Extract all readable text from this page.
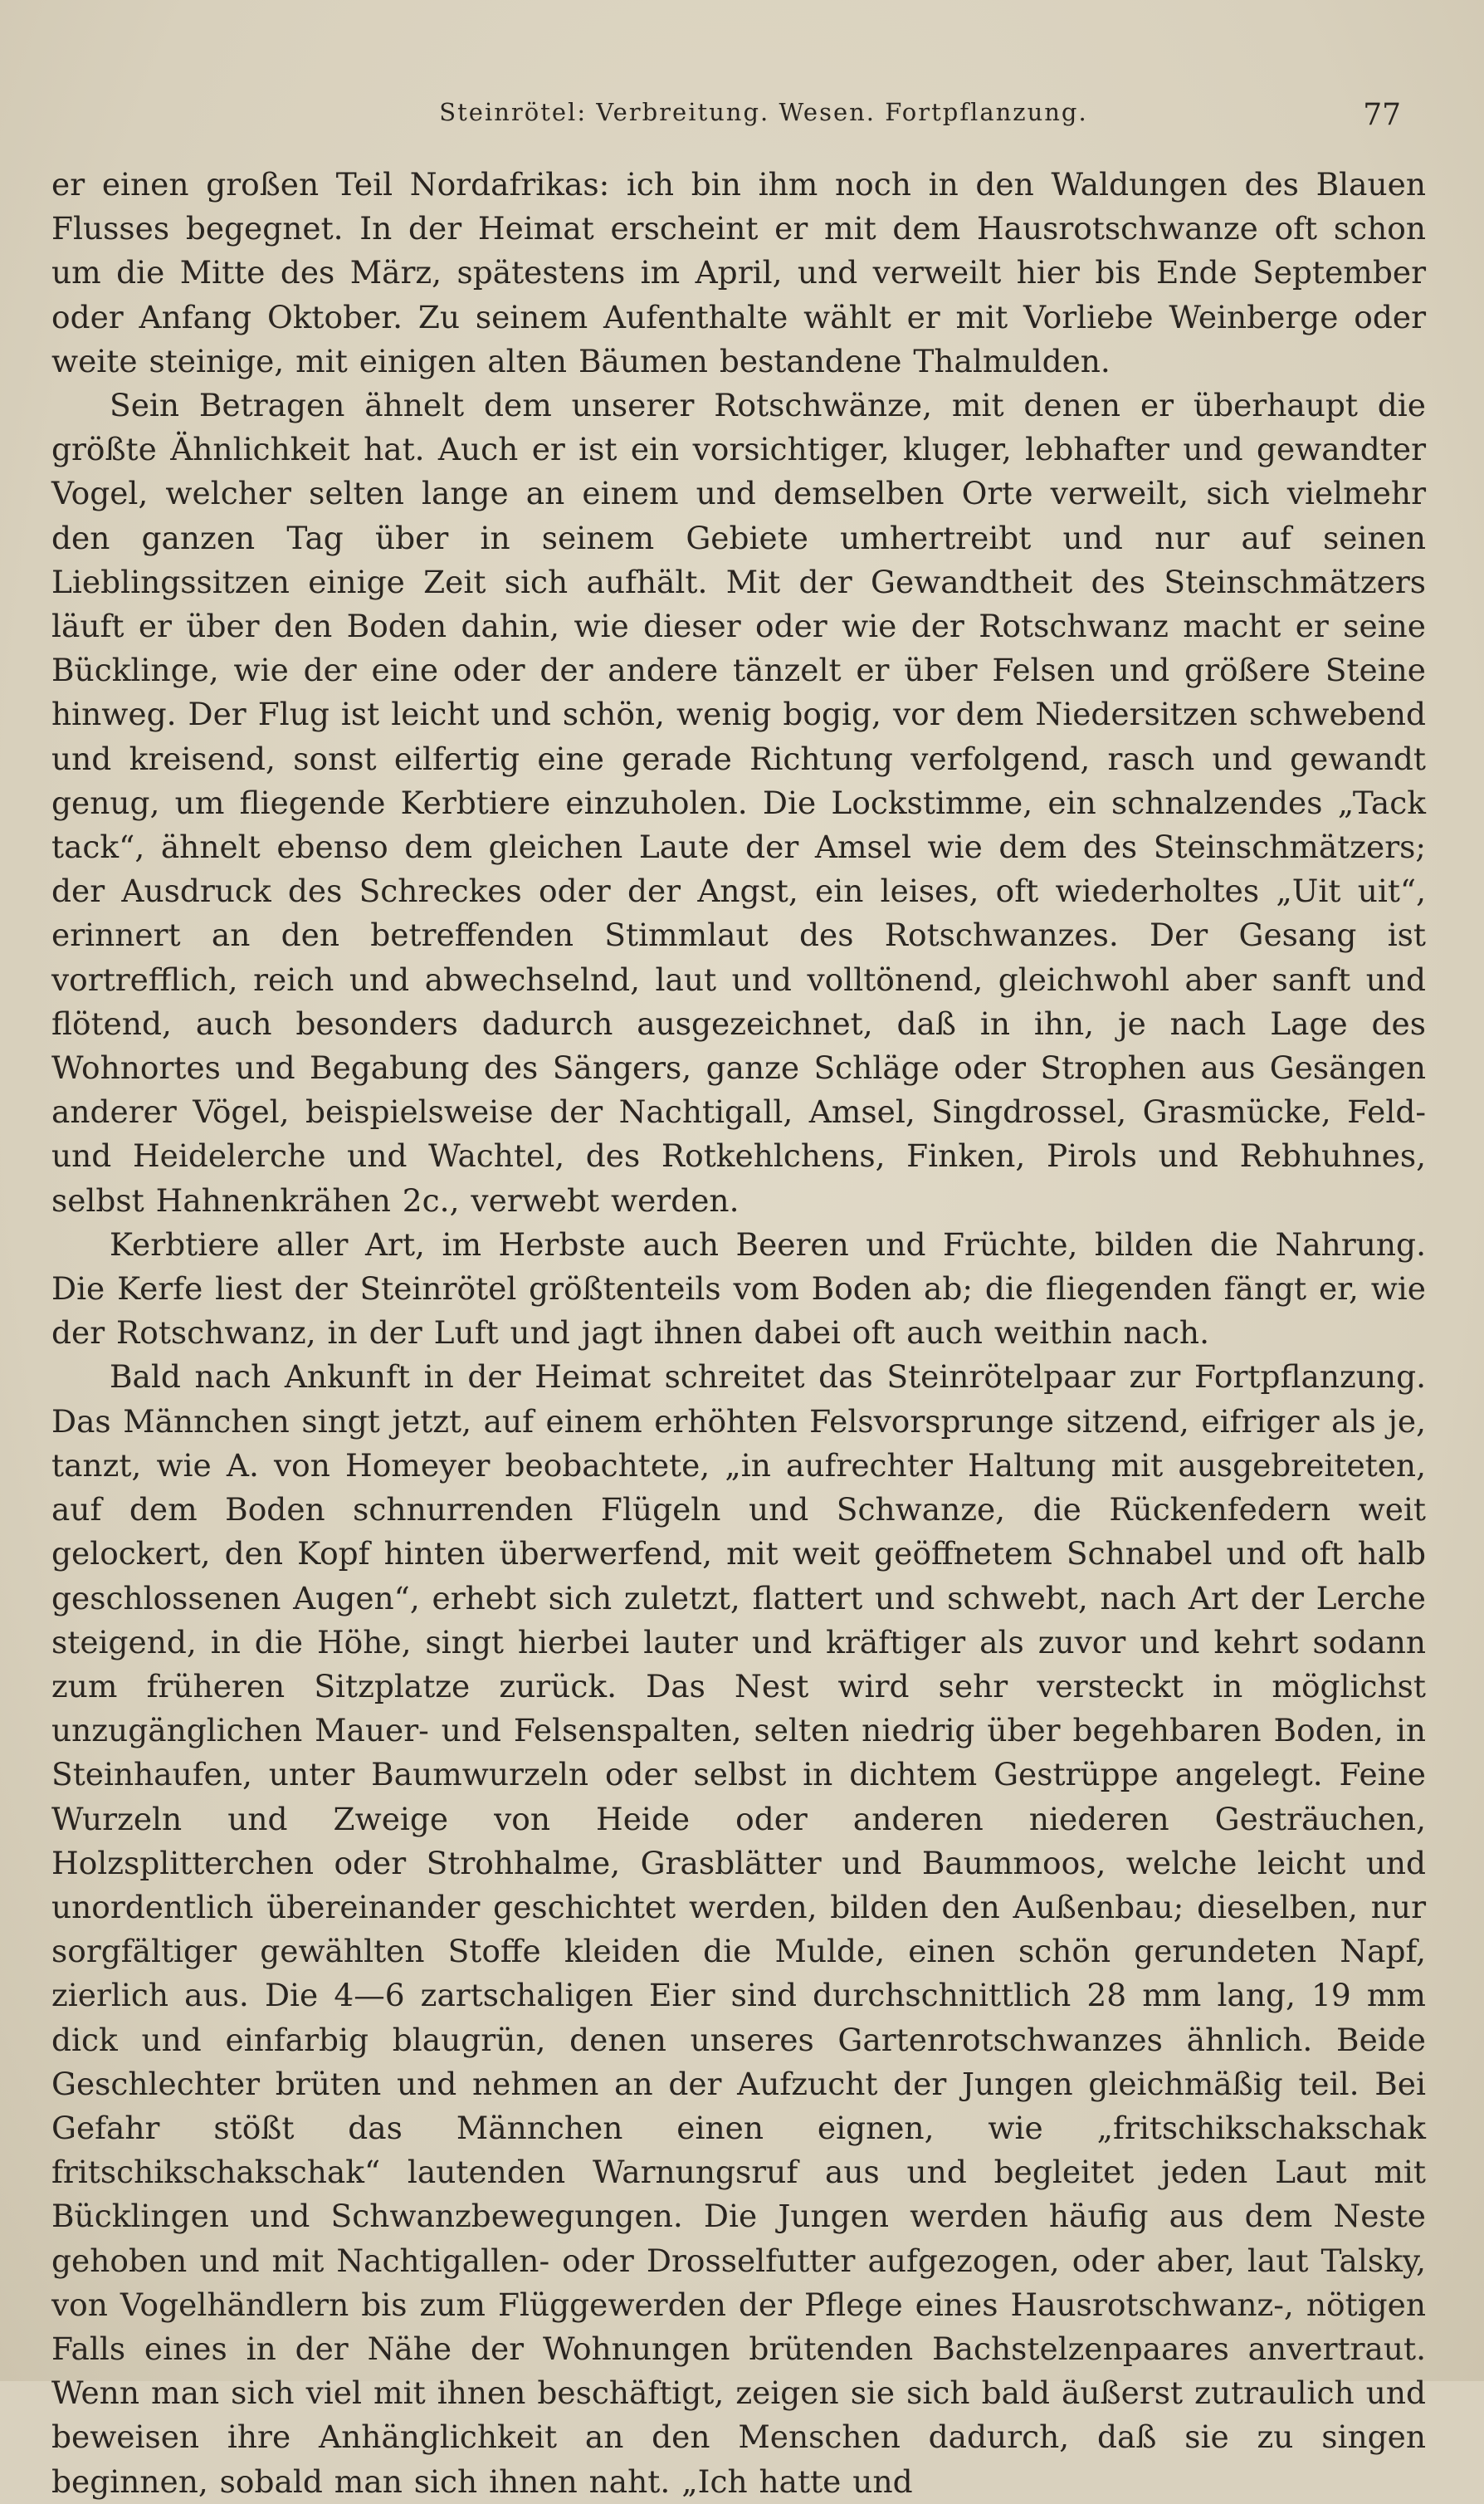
Steinrötel: Verbreitung. Wesen. Fortpflanzung.	77

er einen großen Teil Nordafrikas: ich bin ihm noch in den Waldungen des Blauen Flusses begegnet. In der Heimat erscheint er mit dem Hausrotschwanze oft schon um die Mitte des März, spätestens im April, und verweilt hier bis Ende September oder Anfang Oktober. Zu seinem Aufenthalte wählt er mit Vorliebe Weinberge oder weite steinige, mit einigen alten Bäumen bestandene Thalmulden.

Sein Betragen ähnelt dem unserer Rotschwänze, mit denen er überhaupt die größte Ähnlichkeit hat. Auch er ist ein vorsichtiger, kluger, lebhafter und gewandter Vogel, welcher selten lange an einem und demselben Orte verweilt, sich vielmehr den ganzen Tag über in seinem Gebiete umhertreibt und nur auf seinen Lieblingssitzen einige Zeit sich aufhält. Mit der Gewandtheit des Steinschmätzers läuft er über den Boden dahin, wie dieser oder wie der Rotschwanz macht er seine Bücklinge, wie der eine oder der andere tänzelt er über Felsen und größere Steine hinweg. Der Flug ist leicht und schön, wenig bogig, vor dem Niedersitzen schwebend und kreisend, sonst eilfertig eine gerade Richtung verfolgend, rasch und gewandt genug, um fliegende Kerbtiere einzuholen. Die Lockstimme, ein schnalzendes „Tack tack“, ähnelt ebenso dem gleichen Laute der Amsel wie dem des Steinschmätzers; der Ausdruck des Schreckes oder der Angst, ein leises, oft wiederholtes „Uit uit“, erinnert an den betreffenden Stimmlaut des Rotschwanzes. Der Gesang ist vortrefflich, reich und abwechselnd, laut und volltönend, gleichwohl aber sanft und flötend, auch besonders dadurch ausgezeichnet, daß in ihn, je nach Lage des Wohnortes und Begabung des Sängers, ganze Schläge oder Strophen aus Gesängen anderer Vögel, beispielsweise der Nachtigall, Amsel, Singdrossel, Grasmücke, Feld- und Heidelerche und Wachtel, des Rotkehlchens, Finken, Pirols und Rebhuhnes, selbst Hahnenkrähen 2c., verwebt werden.

Kerbtiere aller Art, im Herbste auch Beeren und Früchte, bilden die Nahrung. Die Kerfe liest der Steinrötel größtenteils vom Boden ab; die fliegenden fängt er, wie der Rotschwanz, in der Luft und jagt ihnen dabei oft auch weithin nach.

Bald nach Ankunft in der Heimat schreitet das Steinrötelpaar zur Fortpflanzung. Das Männchen singt jetzt, auf einem erhöhten Felsvorsprunge sitzend, eifriger als je, tanzt, wie A. von Homeyer beobachtete, „in aufrechter Haltung mit ausgebreiteten, auf dem Boden schnurrenden Flügeln und Schwanze, die Rückenfedern weit gelockert, den Kopf hinten überwerfend, mit weit geöffnetem Schnabel und oft halb geschlossenen Augen“, erhebt sich zuletzt, flattert und schwebt, nach Art der Lerche steigend, in die Höhe, singt hierbei lauter und kräftiger als zuvor und kehrt sodann zum früheren Sitzplatze zurück. Das Nest wird sehr versteckt in möglichst unzugänglichen Mauer- und Felsenspalten, selten niedrig über begehbaren Boden, in Steinhaufen, unter Baumwurzeln oder selbst in dichtem Gestrüppe angelegt. Feine Wurzeln und Zweige von Heide oder anderen niederen Gesträuchen, Holzsplitterchen oder Strohhalme, Grasblätter und Baummoos, welche leicht und unordentlich übereinander geschichtet werden, bilden den Außenbau; dieselben, nur sorgfältiger gewählten Stoffe kleiden die Mulde, einen schön gerundeten Napf, zierlich aus. Die 4—6 zartschaligen Eier sind durchschnittlich 28 mm lang, 19 mm dick und einfarbig blaugrün, denen unseres Gartenrotschwanzes ähnlich. Beide Geschlechter brüten und nehmen an der Aufzucht der Jungen gleichmäßig teil. Bei Gefahr stößt das Männchen einen eignen, wie „fritschikschakschak fritschikschakschak“ lautenden Warnungsruf aus und begleitet jeden Laut mit Bücklingen und Schwanzbewegungen. Die Jungen werden häufig aus dem Neste gehoben und mit Nachtigallen- oder Drosselfutter aufgezogen, oder aber, laut Talsky, von Vogelhändlern bis zum Flüggewerden der Pflege eines Hausrotschwanz-, nötigen Falls eines in der Nähe der Wohnungen brütenden Bachstelzenpaares anvertraut. Wenn man sich viel mit ihnen beschäftigt, zeigen sie sich bald äußerst zutraulich und beweisen ihre Anhänglichkeit an den Menschen dadurch, daß sie zu singen beginnen, sobald man sich ihnen naht. „Ich hatte und
